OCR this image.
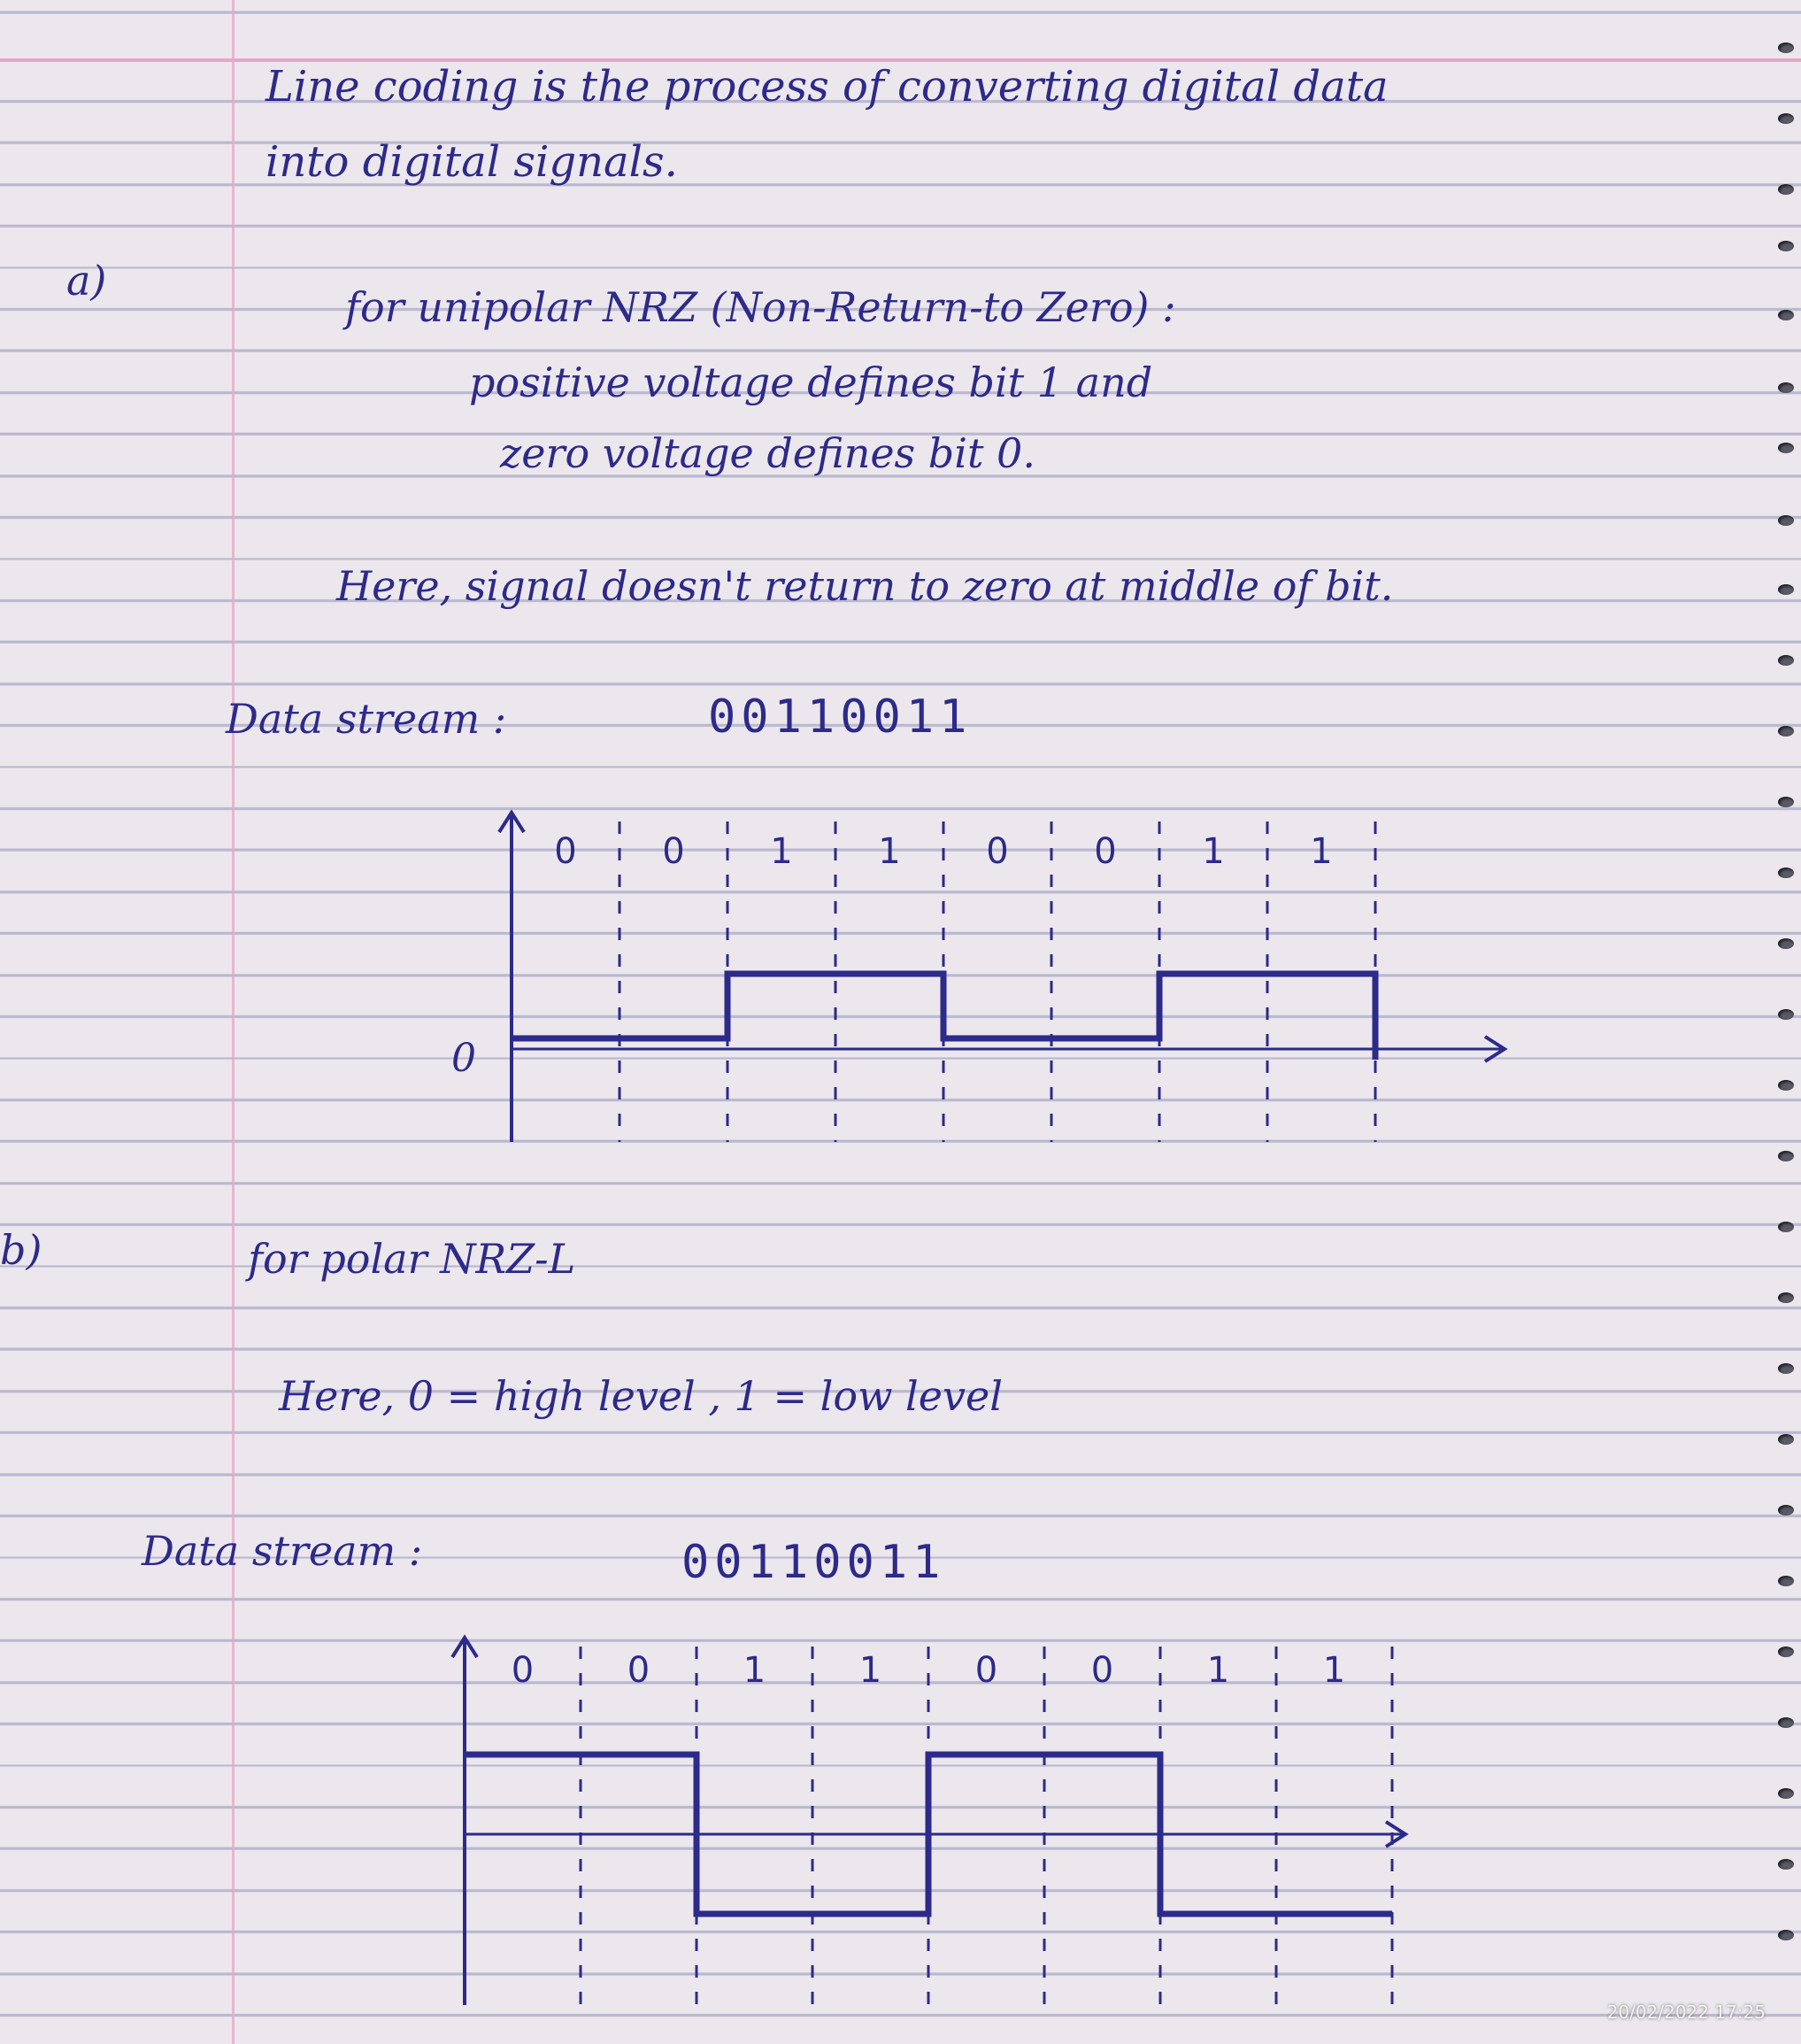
Line coding is the process of converting digital data
into digital signals.
a)
for unipolar NRZ (Non-Return-to Zero) :
positive voltage defines bit 1 and
zero voltage defines bit 0.
Here, signal doesn't return to zero at middle of bit.
Data stream :	00110011
0
b)	for polar NRZ-L
Here, 0 = high level , 1 = low level
Data stream :	00110011
0 0 1 1 0 0 1 1
0	0	1	1	0	0	1	1
20/02/2022 17:25
